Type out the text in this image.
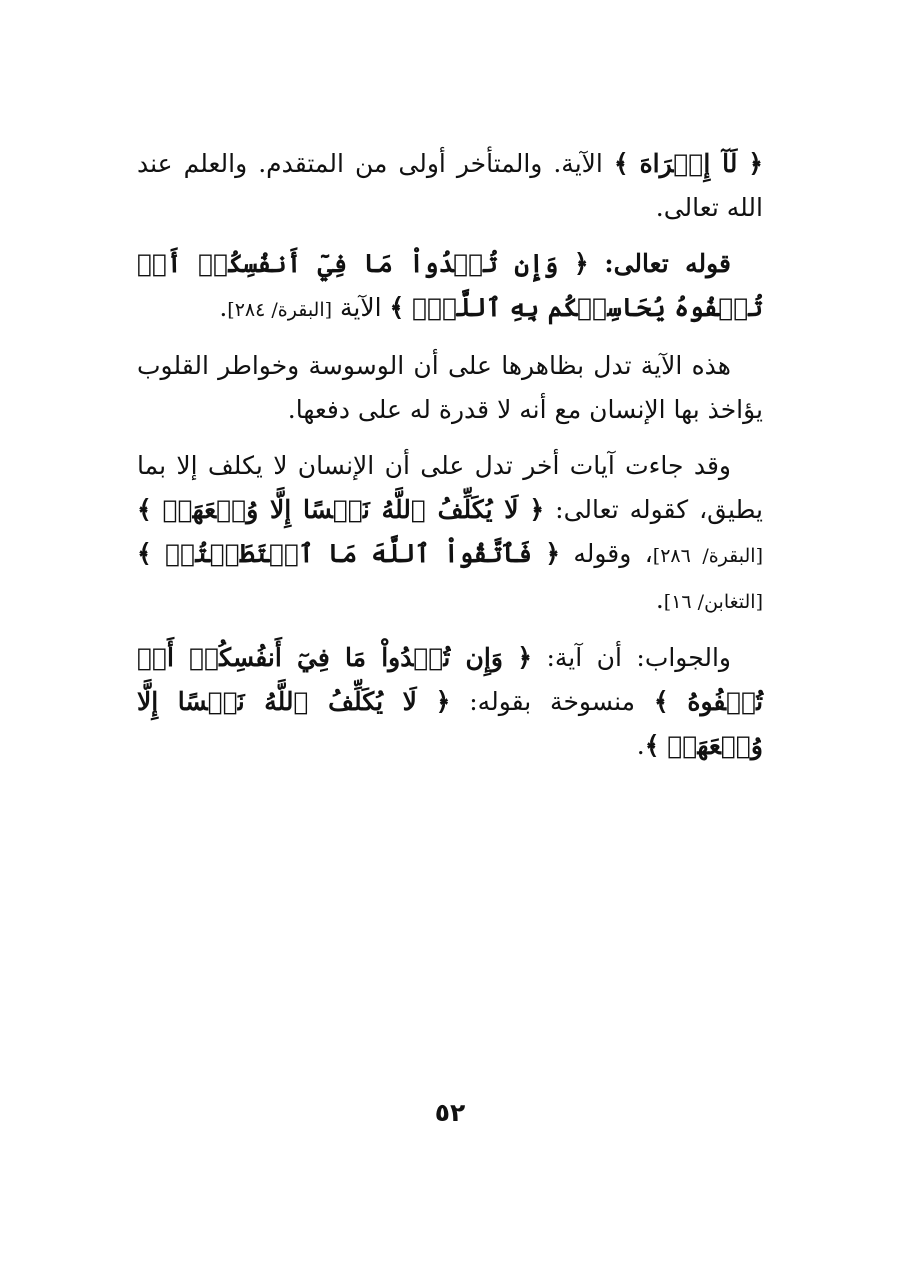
﴿ لَآ إِكۡرَاهَ ﴾ الآية. والمتأخر أولى من المتقدم. والعلم عند الله تعالى.

قوله تعالى: ﴿ وَإِن تُبۡدُواْ مَا فِيٓ أَنفُسِكُمۡ أَوۡ تُخۡفُوهُ يُحَاسِبۡكُم بِهِ ٱللَّهُۖ ﴾ الآية [البقرة/ ٢٨٤].

هذه الآية تدل بظاهرها على أن الوسوسة وخواطر القلوب يؤاخذ بها الإنسان مع أنه لا قدرة له على دفعها.

وقد جاءت آيات أخر تدل على أن الإنسان لا يكلف إلا بما يطيق، كقوله تعالى: ﴿ لَا يُكَلِّفُ ٱللَّهُ نَفۡسًا إِلَّا وُسۡعَهَاۚ ﴾ [البقرة/ ٢٨٦]، وقوله ﴿ فَٱتَّقُواْ ٱللَّهَ مَا ٱسۡتَطَعۡتُمۡ ﴾ [التغابن/ ١٦].

والجواب: أن آية: ﴿ وَإِن تُبۡدُواْ مَا فِيٓ أَنفُسِكُمۡ أَوۡ تُخۡفُوهُ ﴾ منسوخة بقوله: ﴿ لَا يُكَلِّفُ ٱللَّهُ نَفۡسًا إِلَّا وُسۡعَهَاۚ ﴾.

٥٢
